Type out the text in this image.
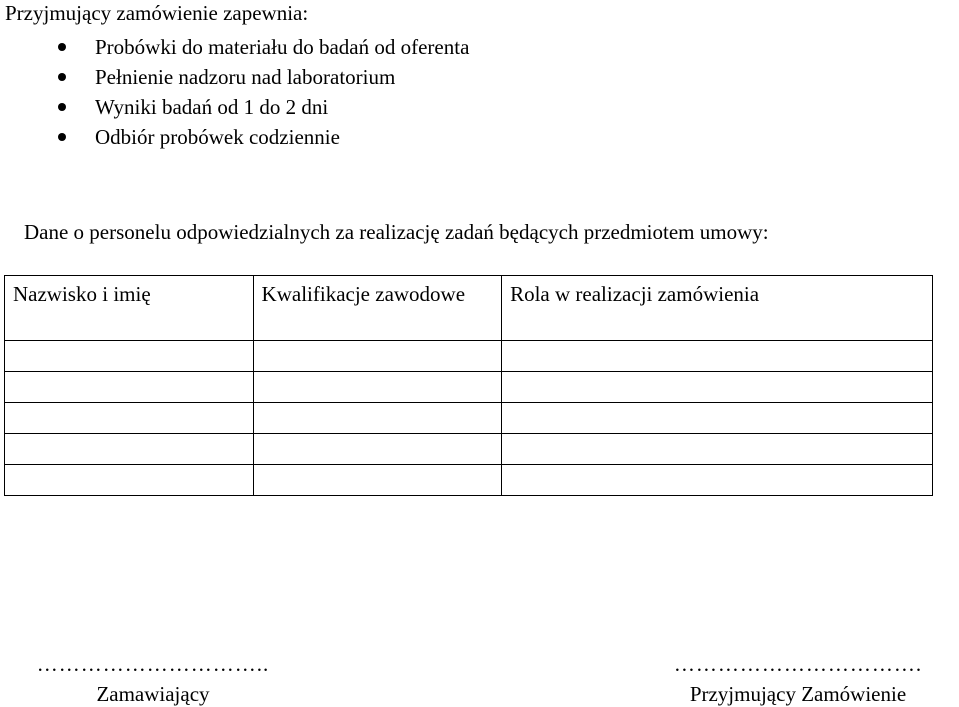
Przyjmujący zamówienie zapewnia:

Probówki do materiału do badań od oferenta
Pełnienie nadzoru nad laboratorium
Wyniki badań od 1 do 2 dni
Odbiór probówek codziennie

Dane o personelu odpowiedzialnych za realizację zadań będących przedmiotem umowy:

Nazwisko i imię	Kwalifikacje zawodowe	Rola w realizacji zamówienia

…………………………..
Zamawiający
…………………………….
Przyjmujący Zamówienie
